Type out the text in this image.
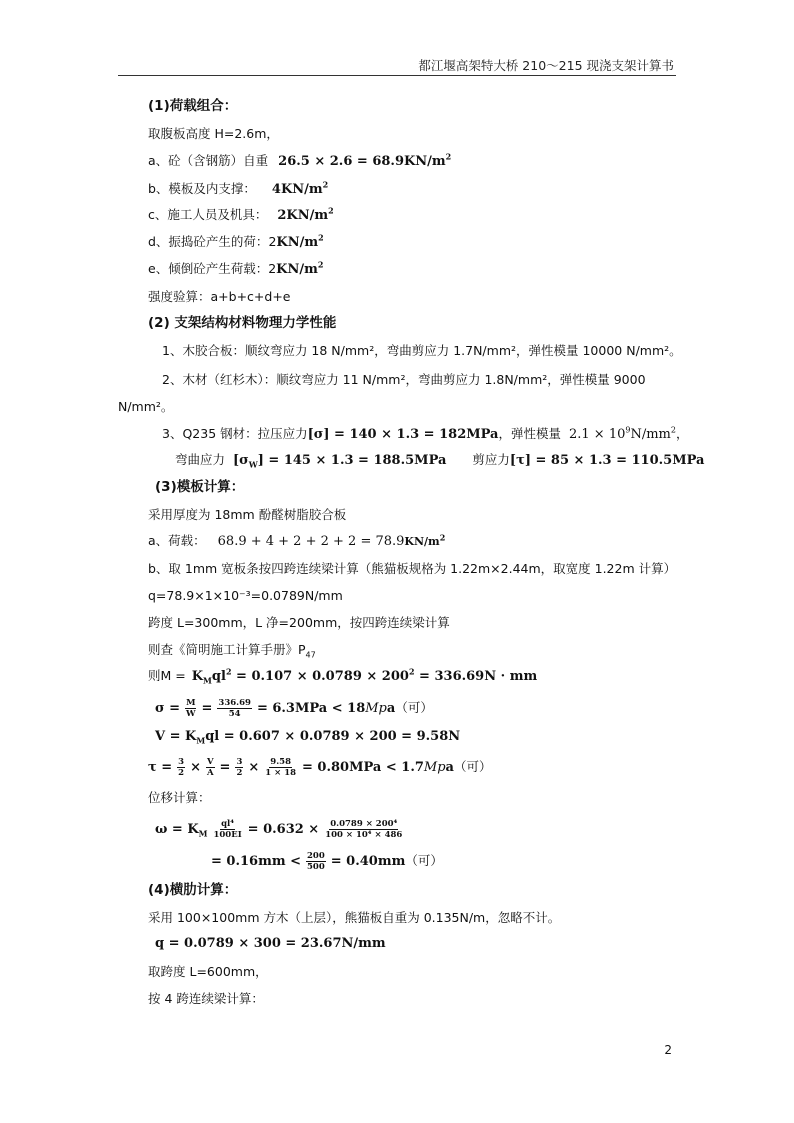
都江堰高架特大桥 210～215 现浇支架计算书
(1)荷载组合：
取腹板高度 H=2.6m，
a、砼（含钢筋）自重 $26.5 \times 2.6 = 68.9KN/m^2$
b、模板及内支撑： $4KN/m^2$
c、施工人员及机具： $2KN/m^2$
d、振捣砼产生的荷：$2KN/m^2$
e、倾倒砼产生荷载：$2KN/m^2$
强度验算：a+b+c+d+e
(2) 支架结构材料物理力学性能
1、木胶合板：顺纹弯应力 18 N/mm²，弯曲剪应力 1.7N/mm²，弹性模量 10000 N/mm²。
2、木材（红杉木）：顺纹弯应力 11 N/mm²，弯曲剪应力 1.8N/mm²，弹性模量 9000
N/mm²。
3、Q235 钢材：拉压应力[σ] = 140 × 1.3 = 182MPa，弹性模量 $2.1 \times 10^9N/mm^2$，
弯曲应力 $[\sigma_W] = 145 \times 1.3 = 188.5MPa$ 剪应力[τ] = 85 × 1.3 = 110.5MPa
(3)模板计算：
采用厚度为 18mm 酚醛树脂胶合板
a、荷载： $68.9 + 4 + 2 + 2 + 2 = 78.9KN/m^2$
b、取 1mm 宽板条按四跨连续梁计算（熊猫板规格为 1.22m×2.44m，取宽度 1.22m 计算）
q=78.9×1×10⁻³=0.0789N/mm
跨度 L=300mm，L 净=200mm，按四跨连续梁计算
则查《简明施工计算手册》$P_{47}$
则$M = K_Mql^2 = 0.107 \times 0.0789 \times 200^2 = 336.69N$ · mm
$\sigma = \frac{M}{W} = \frac{336.69}{54} = 6.3MPa < 18Mpa$（可）
$V = K_Mql = 0.607 \times 0.0789 \times 200 = 9.58N$
$\tau = \frac{3}{2} \times \frac{V}{A} = \frac{3}{2} \times \frac{9.58}{1 \times 18} = 0.80MPa < 1.7Mpa$（可）
位移计算：
$\omega = K_M \frac{\text{ql⁴}}{100EI} = 0.632 \times \frac{\text{0.0789 × 200⁴}}{\text{100 × 10⁴ × 486}}$
= $0.16mm < \frac{200}{500} = 0.40mm$（可）
(4)横肋计算：
采用 100×100mm 方木（上层），熊猫板自重为 0.135N/m，忽略不计。
q = 0.0789 × 300 = 23.67N/mm
取跨度 L=600mm，
按 4 跨连续梁计算：
2
